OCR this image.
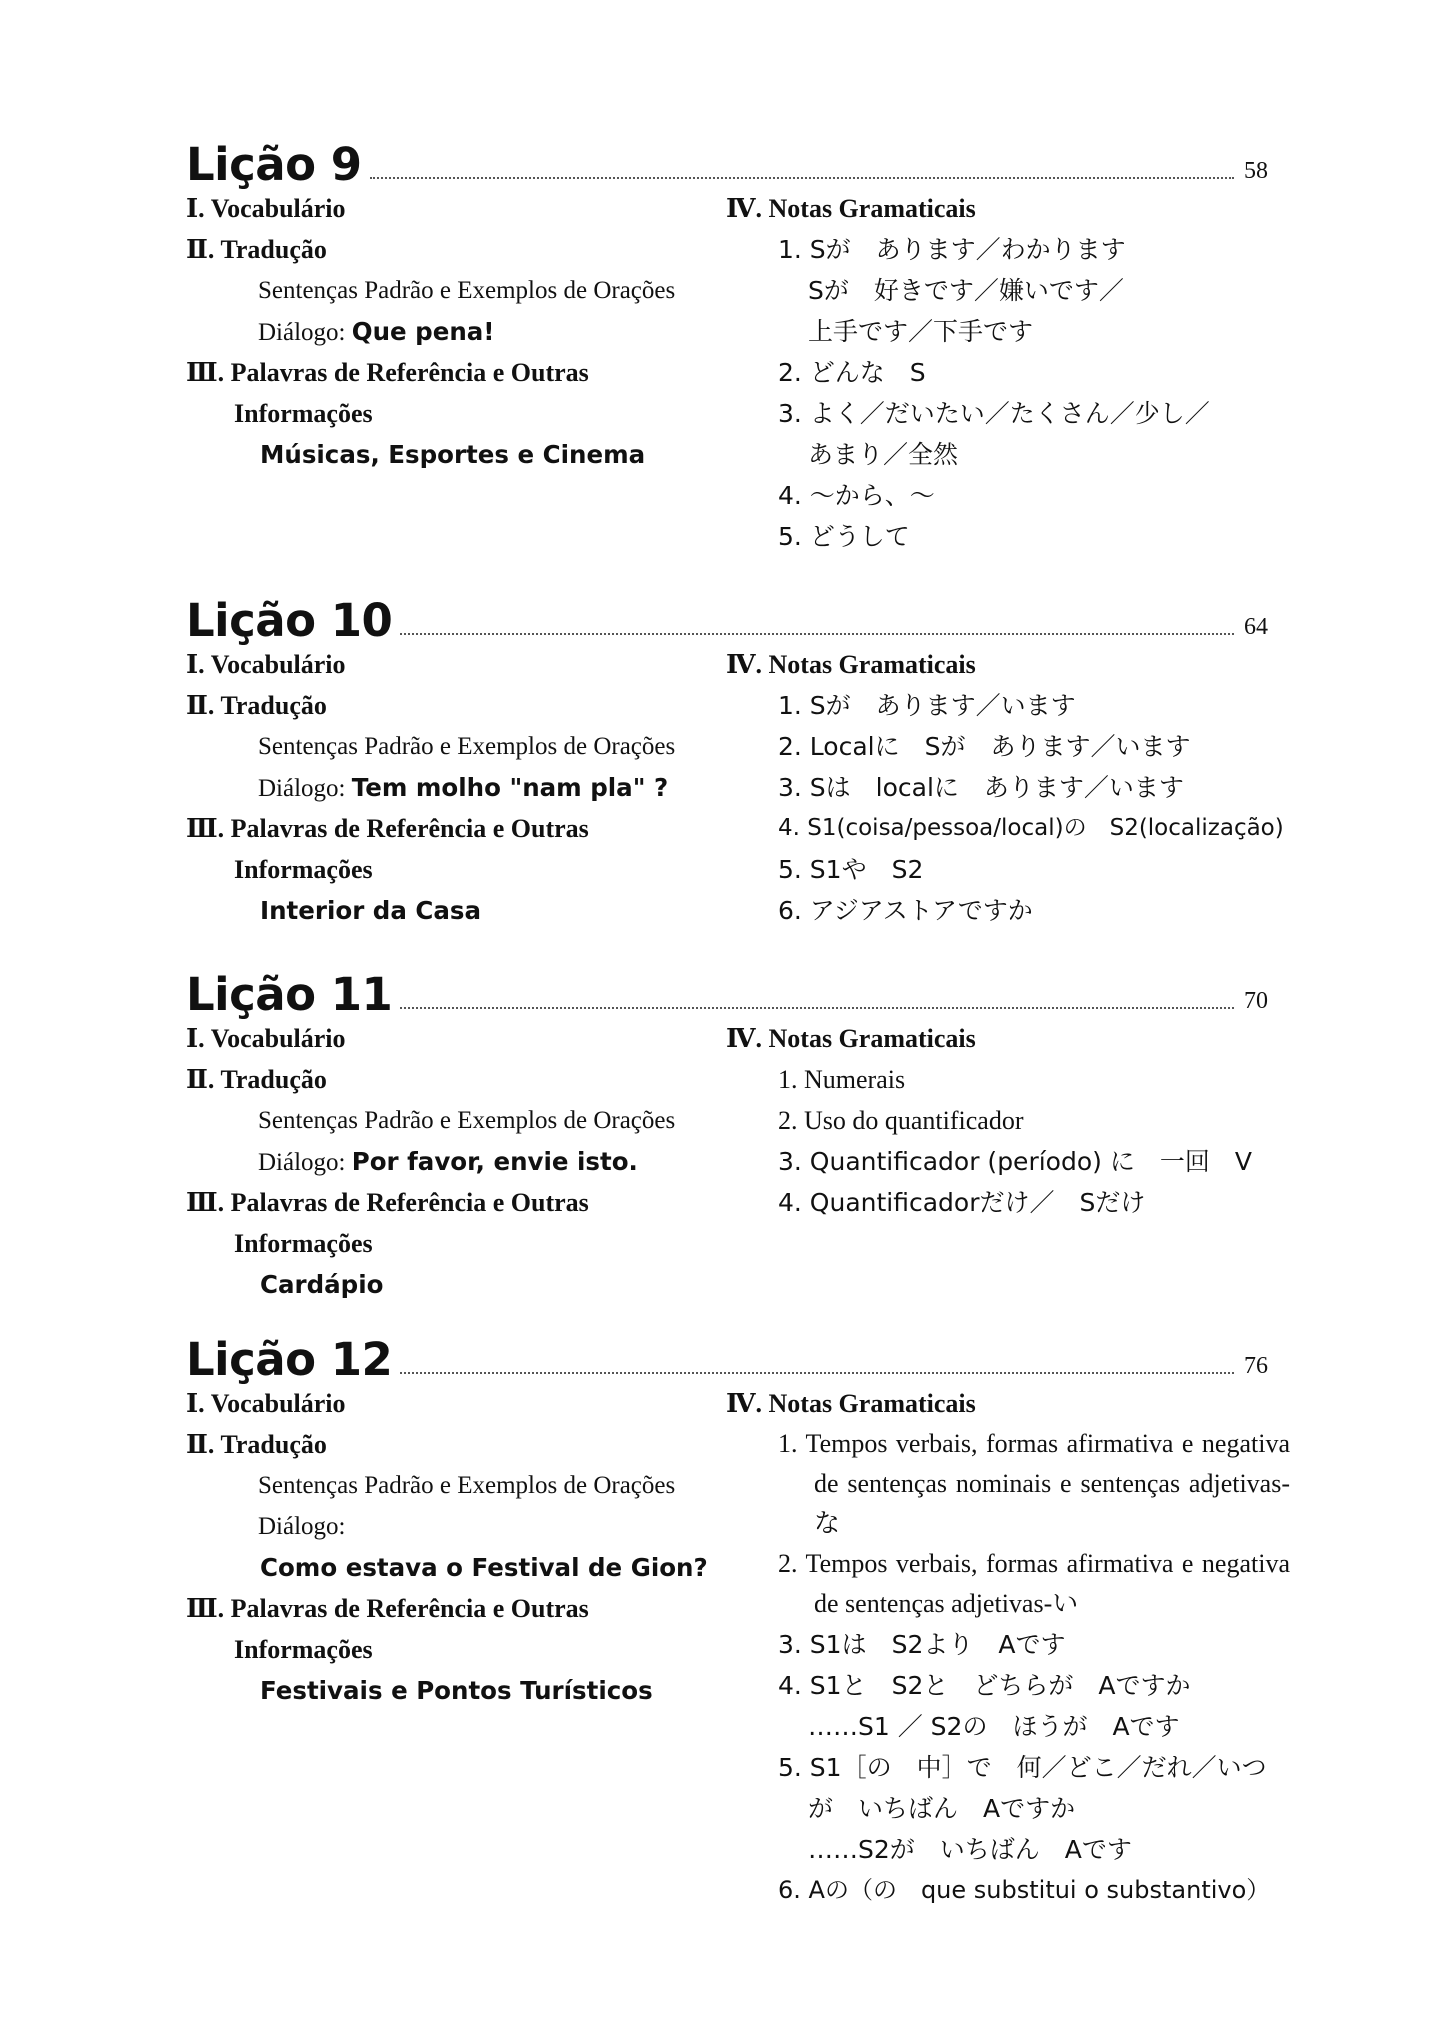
Lição 9	58
Ⅰ. Vocabulário
Ⅱ. Tradução
Sentenças Padrão e Exemplos de Orações
Diálogo: Que pena!
Ⅲ. Palavras de Referência e Outras
Informações
Músicas, Esportes e Cinema
Ⅳ. Notas Gramaticais
1. Sが　あります／わかります
Sが　好きです／嫌いです／
上手です／下手です
2. どんな　S
3. よく／だいたい／たくさん／少し／
あまり／全然
4. ～から、～
5. どうして
Lição 10	64
Ⅰ. Vocabulário
Ⅱ. Tradução
Sentenças Padrão e Exemplos de Orações
Diálogo: Tem molho "nam pla" ?
Ⅲ. Palavras de Referência e Outras
Informações
Interior da Casa
Ⅳ. Notas Gramaticais
1. Sが　あります／います
2. Localに　Sが　あります／います
3. Sは　localに　あります／います
4. S1(coisa/pessoa/local)の　S2(localização)
5. S1や　S2
6. アジアストアですか
Lição 11	70
Ⅰ. Vocabulário
Ⅱ. Tradução
Sentenças Padrão e Exemplos de Orações
Diálogo: Por favor, envie isto.
Ⅲ. Palavras de Referência e Outras
Informações
Cardápio
Ⅳ. Notas Gramaticais
1. Numerais
2. Uso do quantificador
3. Quantificador (período) に　一回　V
4. Quantificadorだけ／　Sだけ
Lição 12	76
Ⅰ. Vocabulário
Ⅱ. Tradução
Sentenças Padrão e Exemplos de Orações
Diálogo:
Como estava o Festival de Gion?
Ⅲ. Palavras de Referência e Outras
Informações
Festivais e Pontos Turísticos
Ⅳ. Notas Gramaticais
1. Tempos verbais, formas afirmativa e negativa de sentenças nominais e sentenças adjetivas-な
2. Tempos verbais, formas afirmativa e negativa de sentenças adjetivas-い
3. S1は　S2より　Aです
4. S1と　S2と　どちらが　Aですか
……S1 ／ S2の　ほうが　Aです
5. S1［の　中］で　何／どこ／だれ／いつ
が　いちばん　Aですか
……S2が　いちばん　Aです
6. Aの（の　que substitui o substantivo）
